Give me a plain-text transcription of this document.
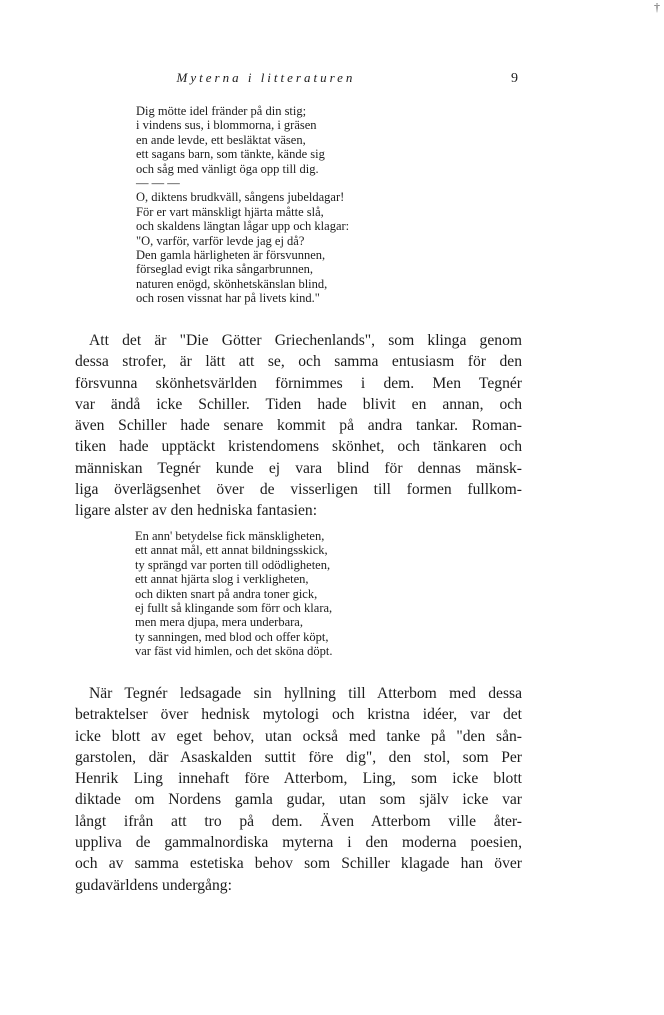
Myterna i litteraturen	9
†
Dig mötte idel fränder på din stig;
i vindens sus, i blommorna, i gräsen
en ande levde, ett besläktat väsen,
ett sagans barn, som tänkte, kände sig
och såg med vänligt öga opp till dig.
— — —
O, diktens brudkväll, sångens jubeldagar!
För er vart mänskligt hjärta måtte slå,
och skaldens längtan lågar upp och klagar:
"O, varför, varför levde jag ej då?
Den gamla härligheten är försvunnen,
förseglad evigt rika sångarbrunnen,
naturen enögd, skönhetskänslan blind,
och rosen vissnat har på livets kind."

Att det är "Die Götter Griechenlands", som klinga genom
dessa strofer, är lätt att se, och samma entusiasm för den
försvunna skönhetsvärlden förnimmes i dem. Men Tegnér
var ändå icke Schiller. Tiden hade blivit en annan, och
även Schiller hade senare kommit på andra tankar. Roman-
tiken hade upptäckt kristendomens skönhet, och tänkaren och
människan Tegnér kunde ej vara blind för dennas mänsk-
liga överlägsenhet över de visserligen till formen fullkom-
ligare alster av den hedniska fantasien:

En ann' betydelse fick mänskligheten,
ett annat mål, ett annat bildningsskick,
ty sprängd var porten till odödligheten,
ett annat hjärta slog i verkligheten,
och dikten snart på andra toner gick,
ej fullt så klingande som förr och klara,
men mera djupa, mera underbara,
ty sanningen, med blod och offer köpt,
var fäst vid himlen, och det sköna döpt.

När Tegnér ledsagade sin hyllning till Atterbom med dessa
betraktelser över hednisk mytologi och kristna idéer, var det
icke blott av eget behov, utan också med tanke på "den sån-
garstolen, där Asaskalden suttit före dig", den stol, som Per
Henrik Ling innehaft före Atterbom, Ling, som icke blott
diktade om Nordens gamla gudar, utan som själv icke var
långt ifrån att tro på dem. Även Atterbom ville åter-
uppliva de gammalnordiska myterna i den moderna poesien,
och av samma estetiska behov som Schiller klagade han över
gudavärldens undergång:
